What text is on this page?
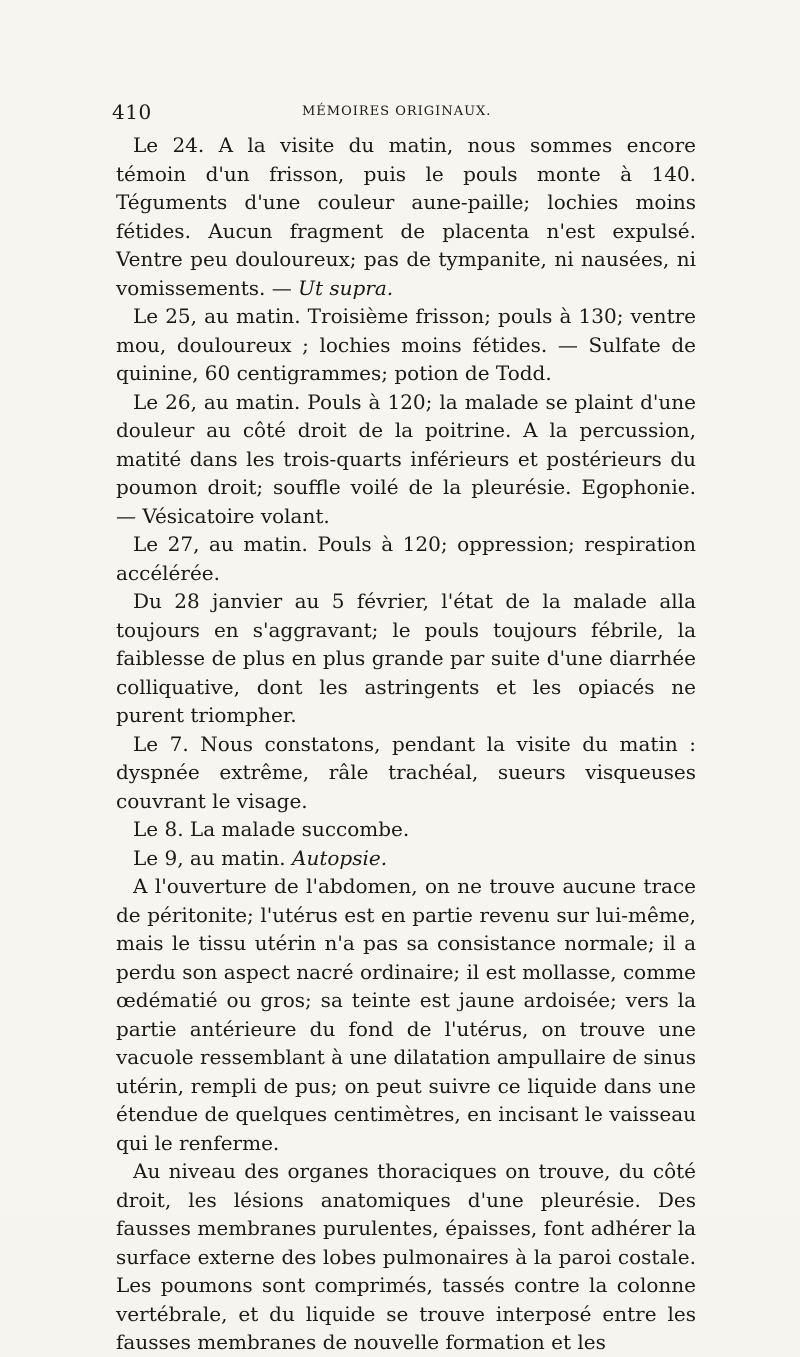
410	MÉMOIRES ORIGINAUX.

Le 24. A la visite du matin, nous sommes encore témoin d'un frisson, puis le pouls monte à 140. Téguments d'une couleur aune-paille; lochies moins fétides. Aucun fragment de placenta n'est expulsé. Ventre peu douloureux; pas de tympanite, ni nausées, ni vomissements. — Ut supra.

Le 25, au matin. Troisième frisson; pouls à 130; ventre mou, douloureux ; lochies moins fétides. — Sulfate de quinine, 60 centigrammes; potion de Todd.

Le 26, au matin. Pouls à 120; la malade se plaint d'une douleur au côté droit de la poitrine. A la percussion, matité dans les trois-quarts inférieurs et postérieurs du poumon droit; souffle voilé de la pleurésie. Egophonie. — Vésicatoire volant.

Le 27, au matin. Pouls à 120; oppression; respiration accélérée.

Du 28 janvier au 5 février, l'état de la malade alla toujours en s'aggravant; le pouls toujours fébrile, la faiblesse de plus en plus grande par suite d'une diarrhée colliquative, dont les astringents et les opiacés ne purent triompher.

Le 7. Nous constatons, pendant la visite du matin : dyspnée extrême, râle trachéal, sueurs visqueuses couvrant le visage.

Le 8. La malade succombe.

Le 9, au matin. Autopsie.

A l'ouverture de l'abdomen, on ne trouve aucune trace de péritonite; l'utérus est en partie revenu sur lui-même, mais le tissu utérin n'a pas sa consistance normale; il a perdu son aspect nacré ordinaire; il est mollasse, comme œdématié ou gros; sa teinte est jaune ardoisée; vers la partie antérieure du fond de l'utérus, on trouve une vacuole ressemblant à une dilatation ampullaire de sinus utérin, rempli de pus; on peut suivre ce liquide dans une étendue de quelques centimètres, en incisant le vaisseau qui le renferme.

Au niveau des organes thoraciques on trouve, du côté droit, les lésions anatomiques d'une pleurésie. Des fausses membranes purulentes, épaisses, font adhérer la surface externe des lobes pulmonaires à la paroi costale. Les poumons sont comprimés, tassés contre la colonne vertébrale, et du liquide se trouve interposé entre les fausses membranes de nouvelle formation et les
